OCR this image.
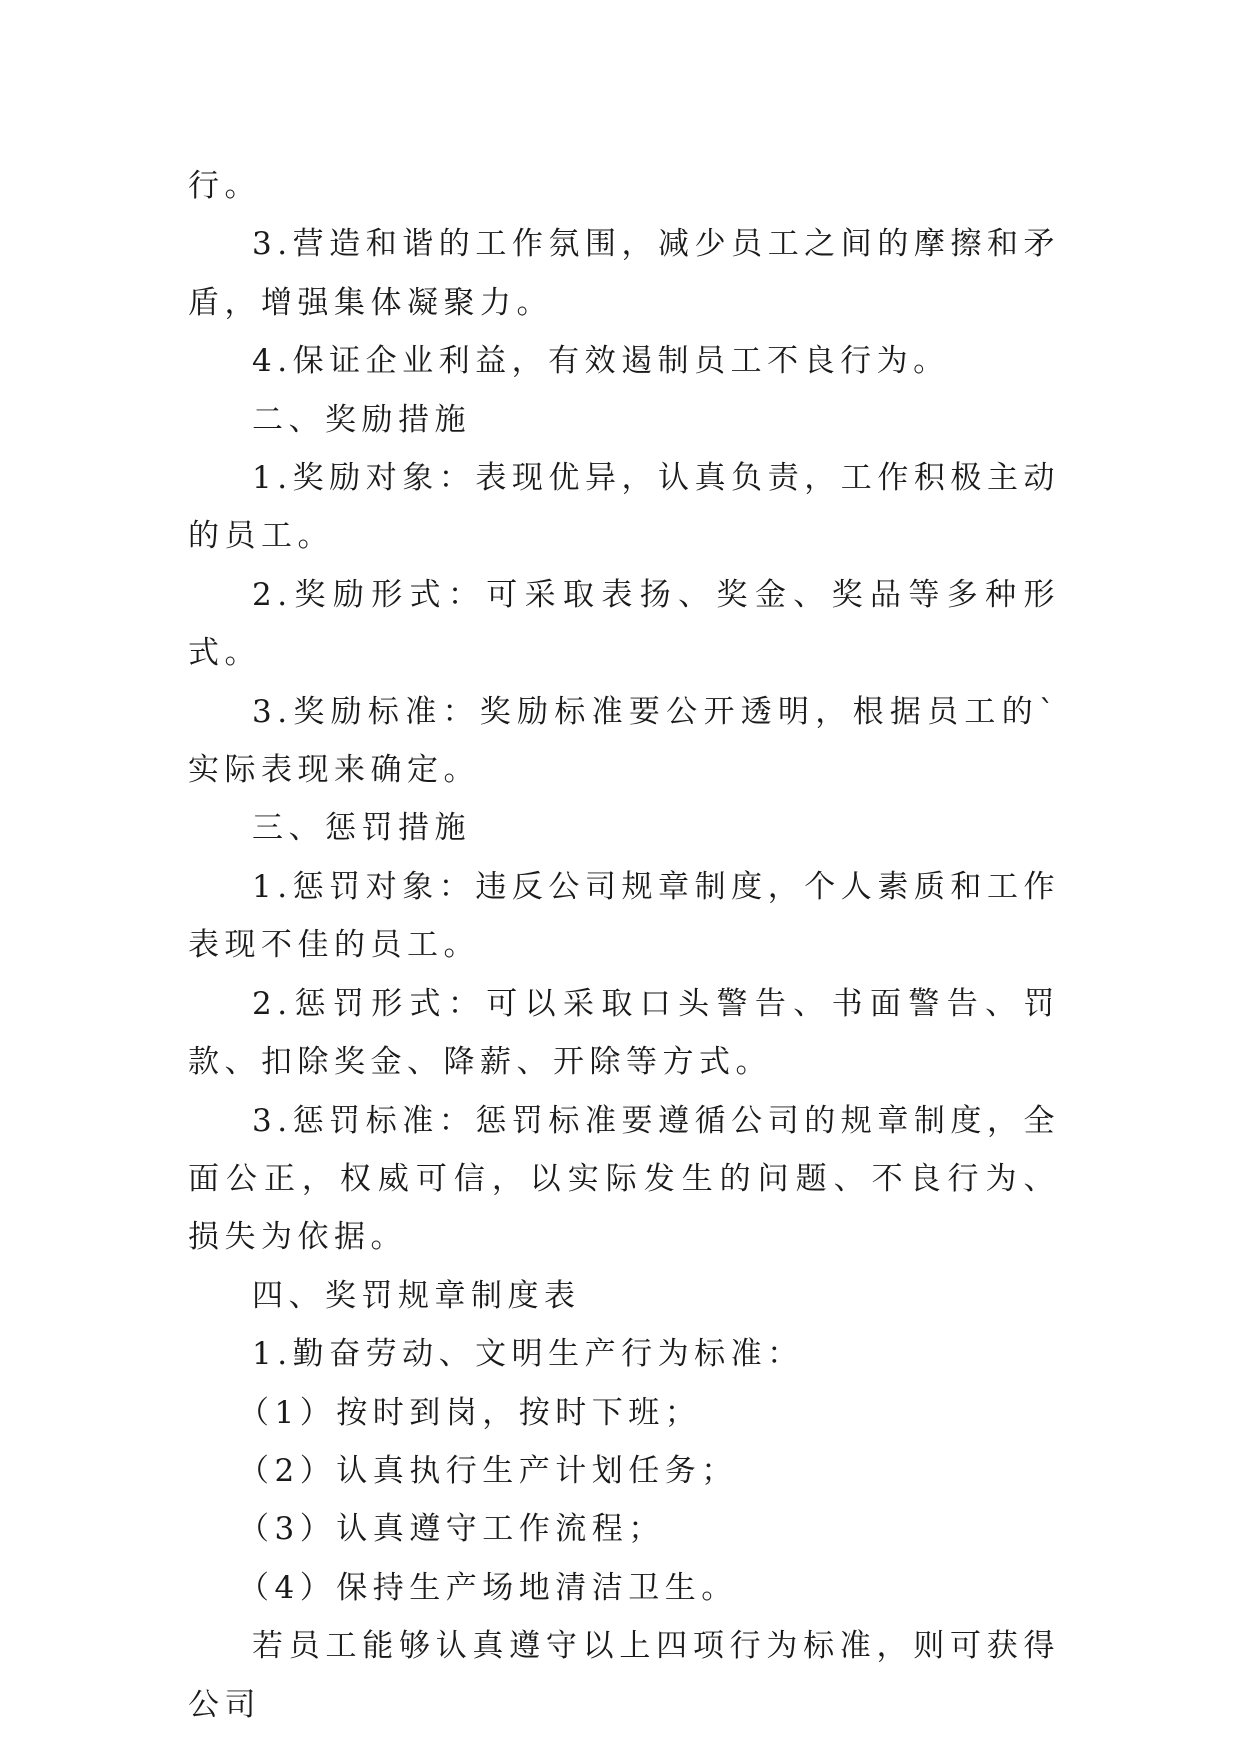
行。

3.营造和谐的工作氛围，减少员工之间的摩擦和矛盾，增强集体凝聚力。

4.保证企业利益，有效遏制员工不良行为。

二、奖励措施

1.奖励对象：表现优异，认真负责，工作积极主动的员工。

2.奖励形式：可采取表扬、奖金、奖品等多种形式。

3.奖励标准：奖励标准要公开透明，根据员工的`实际表现来确定。

三、惩罚措施

1.惩罚对象：违反公司规章制度，个人素质和工作表现不佳的员工。

2.惩罚形式：可以采取口头警告、书面警告、罚款、扣除奖金、降薪、开除等方式。

3.惩罚标准：惩罚标准要遵循公司的规章制度，全面公正，权威可信，以实际发生的问题、不良行为、损失为依据。

四、奖罚规章制度表

1.勤奋劳动、文明生产行为标准：

（1）按时到岗，按时下班；

（2）认真执行生产计划任务；

（3）认真遵守工作流程；

（4）保持生产场地清洁卫生。

若员工能够认真遵守以上四项行为标准，则可获得公司
